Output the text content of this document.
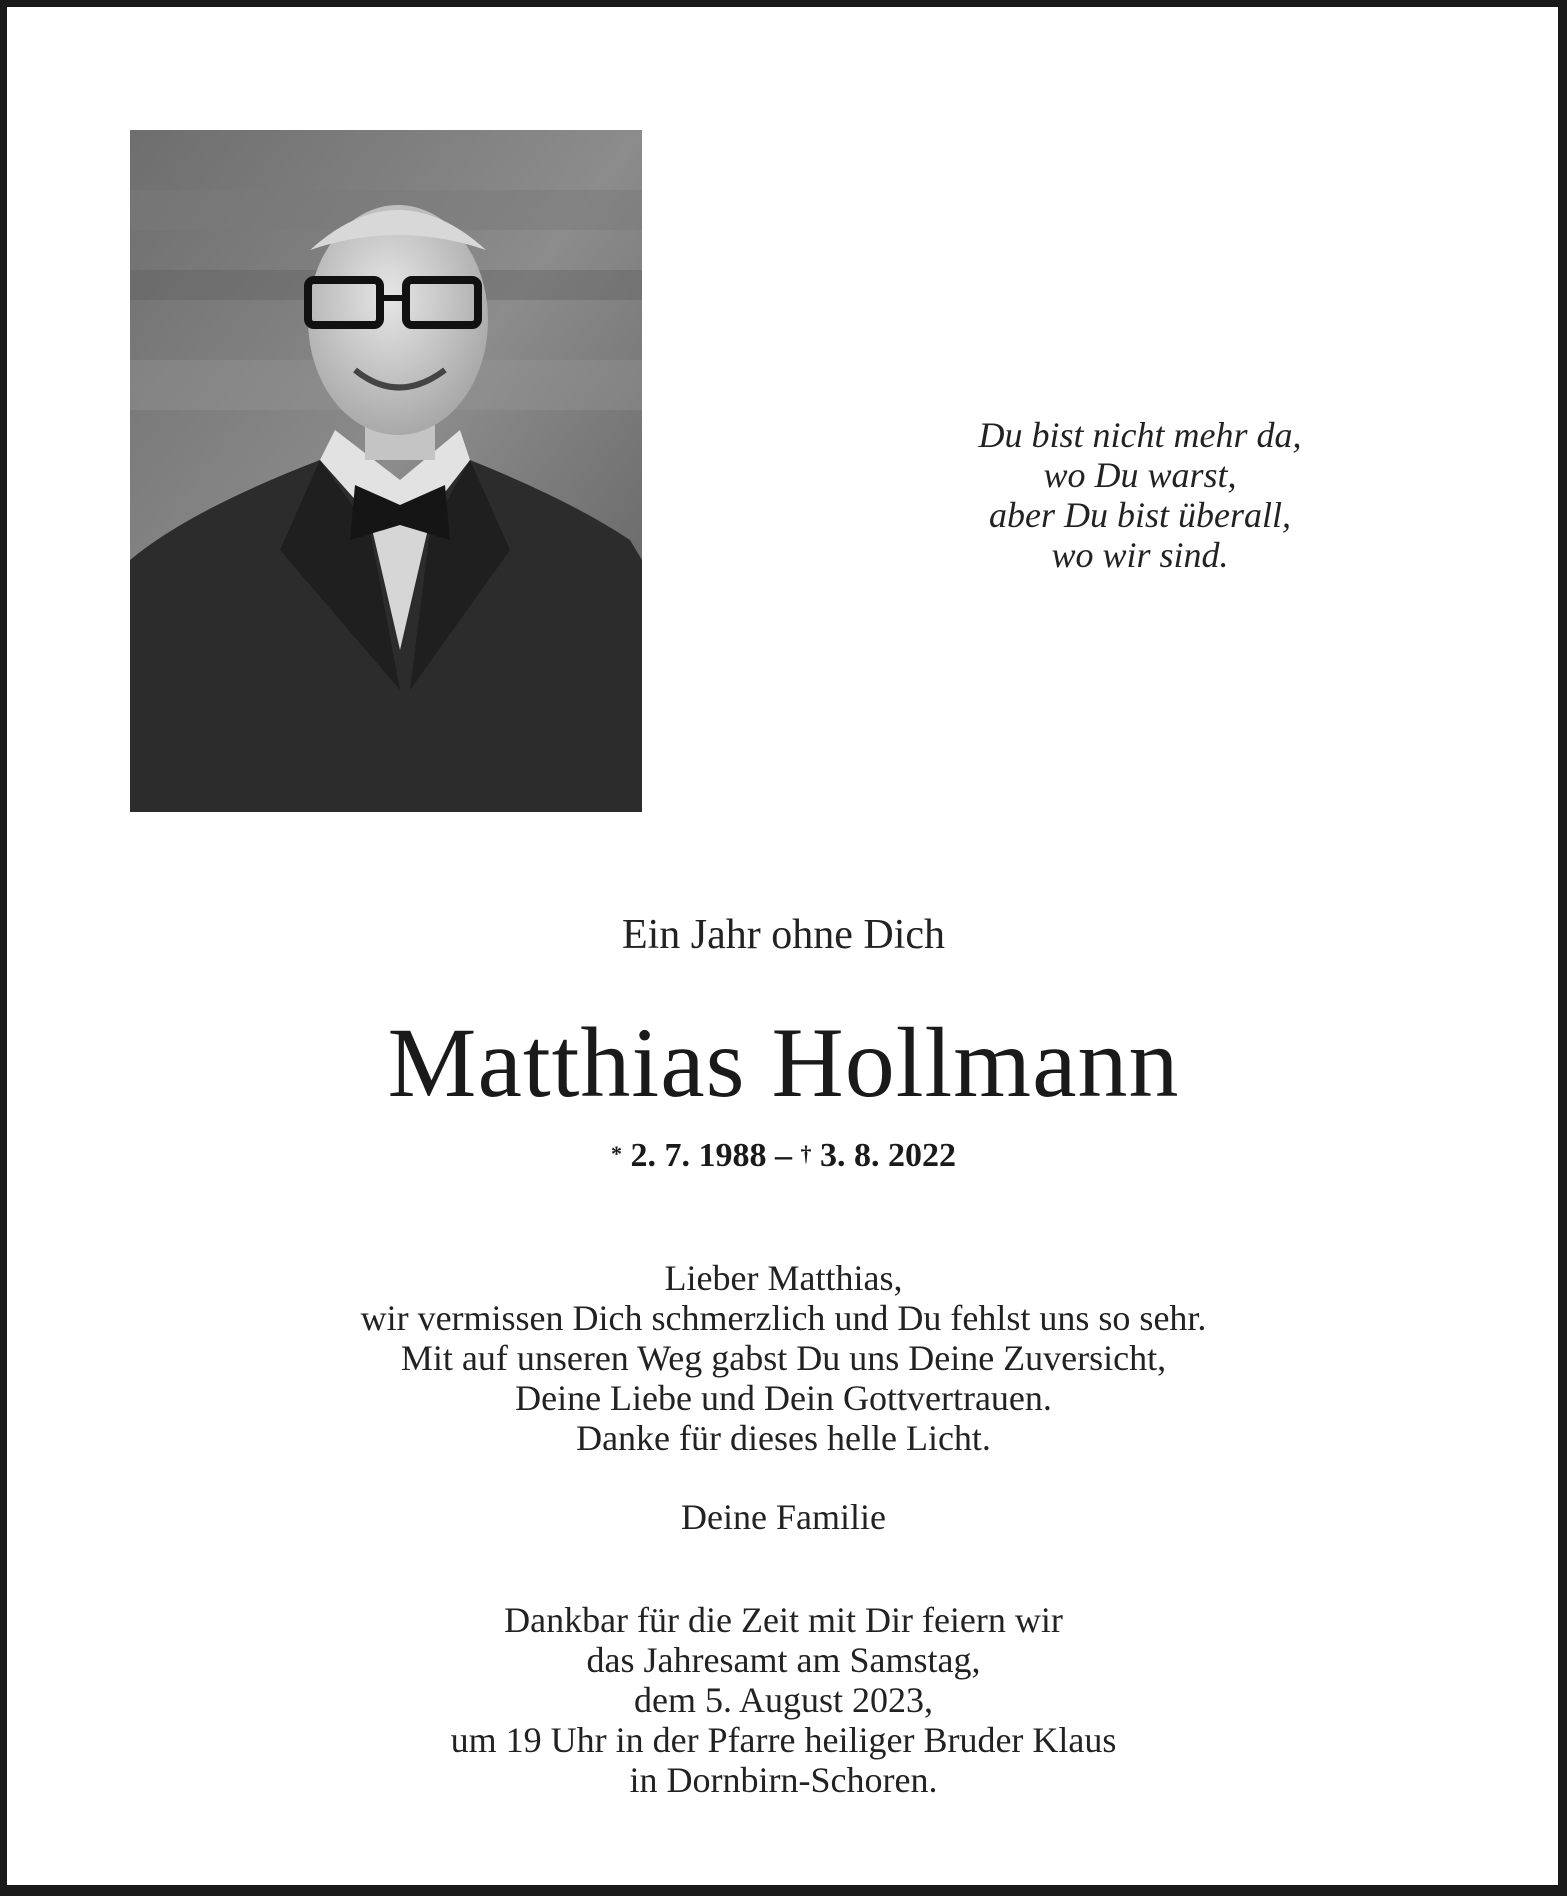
Du bist nicht mehr da,
wo Du warst,
aber Du bist überall,
wo wir sind.
Ein Jahr ohne Dich
Matthias Hollmann
* 2. 7. 1988 – † 3. 8. 2022
Lieber Matthias,
wir vermissen Dich schmerzlich und Du fehlst uns so sehr.
Mit auf unseren Weg gabst Du uns Deine Zuversicht,
Deine Liebe und Dein Gottvertrauen.
Danke für dieses helle Licht.
Deine Familie
Dankbar für die Zeit mit Dir feiern wir
das Jahresamt am Samstag,
dem 5. August 2023,
um 19 Uhr in der Pfarre heiliger Bruder Klaus
in Dornbirn-Schoren.
